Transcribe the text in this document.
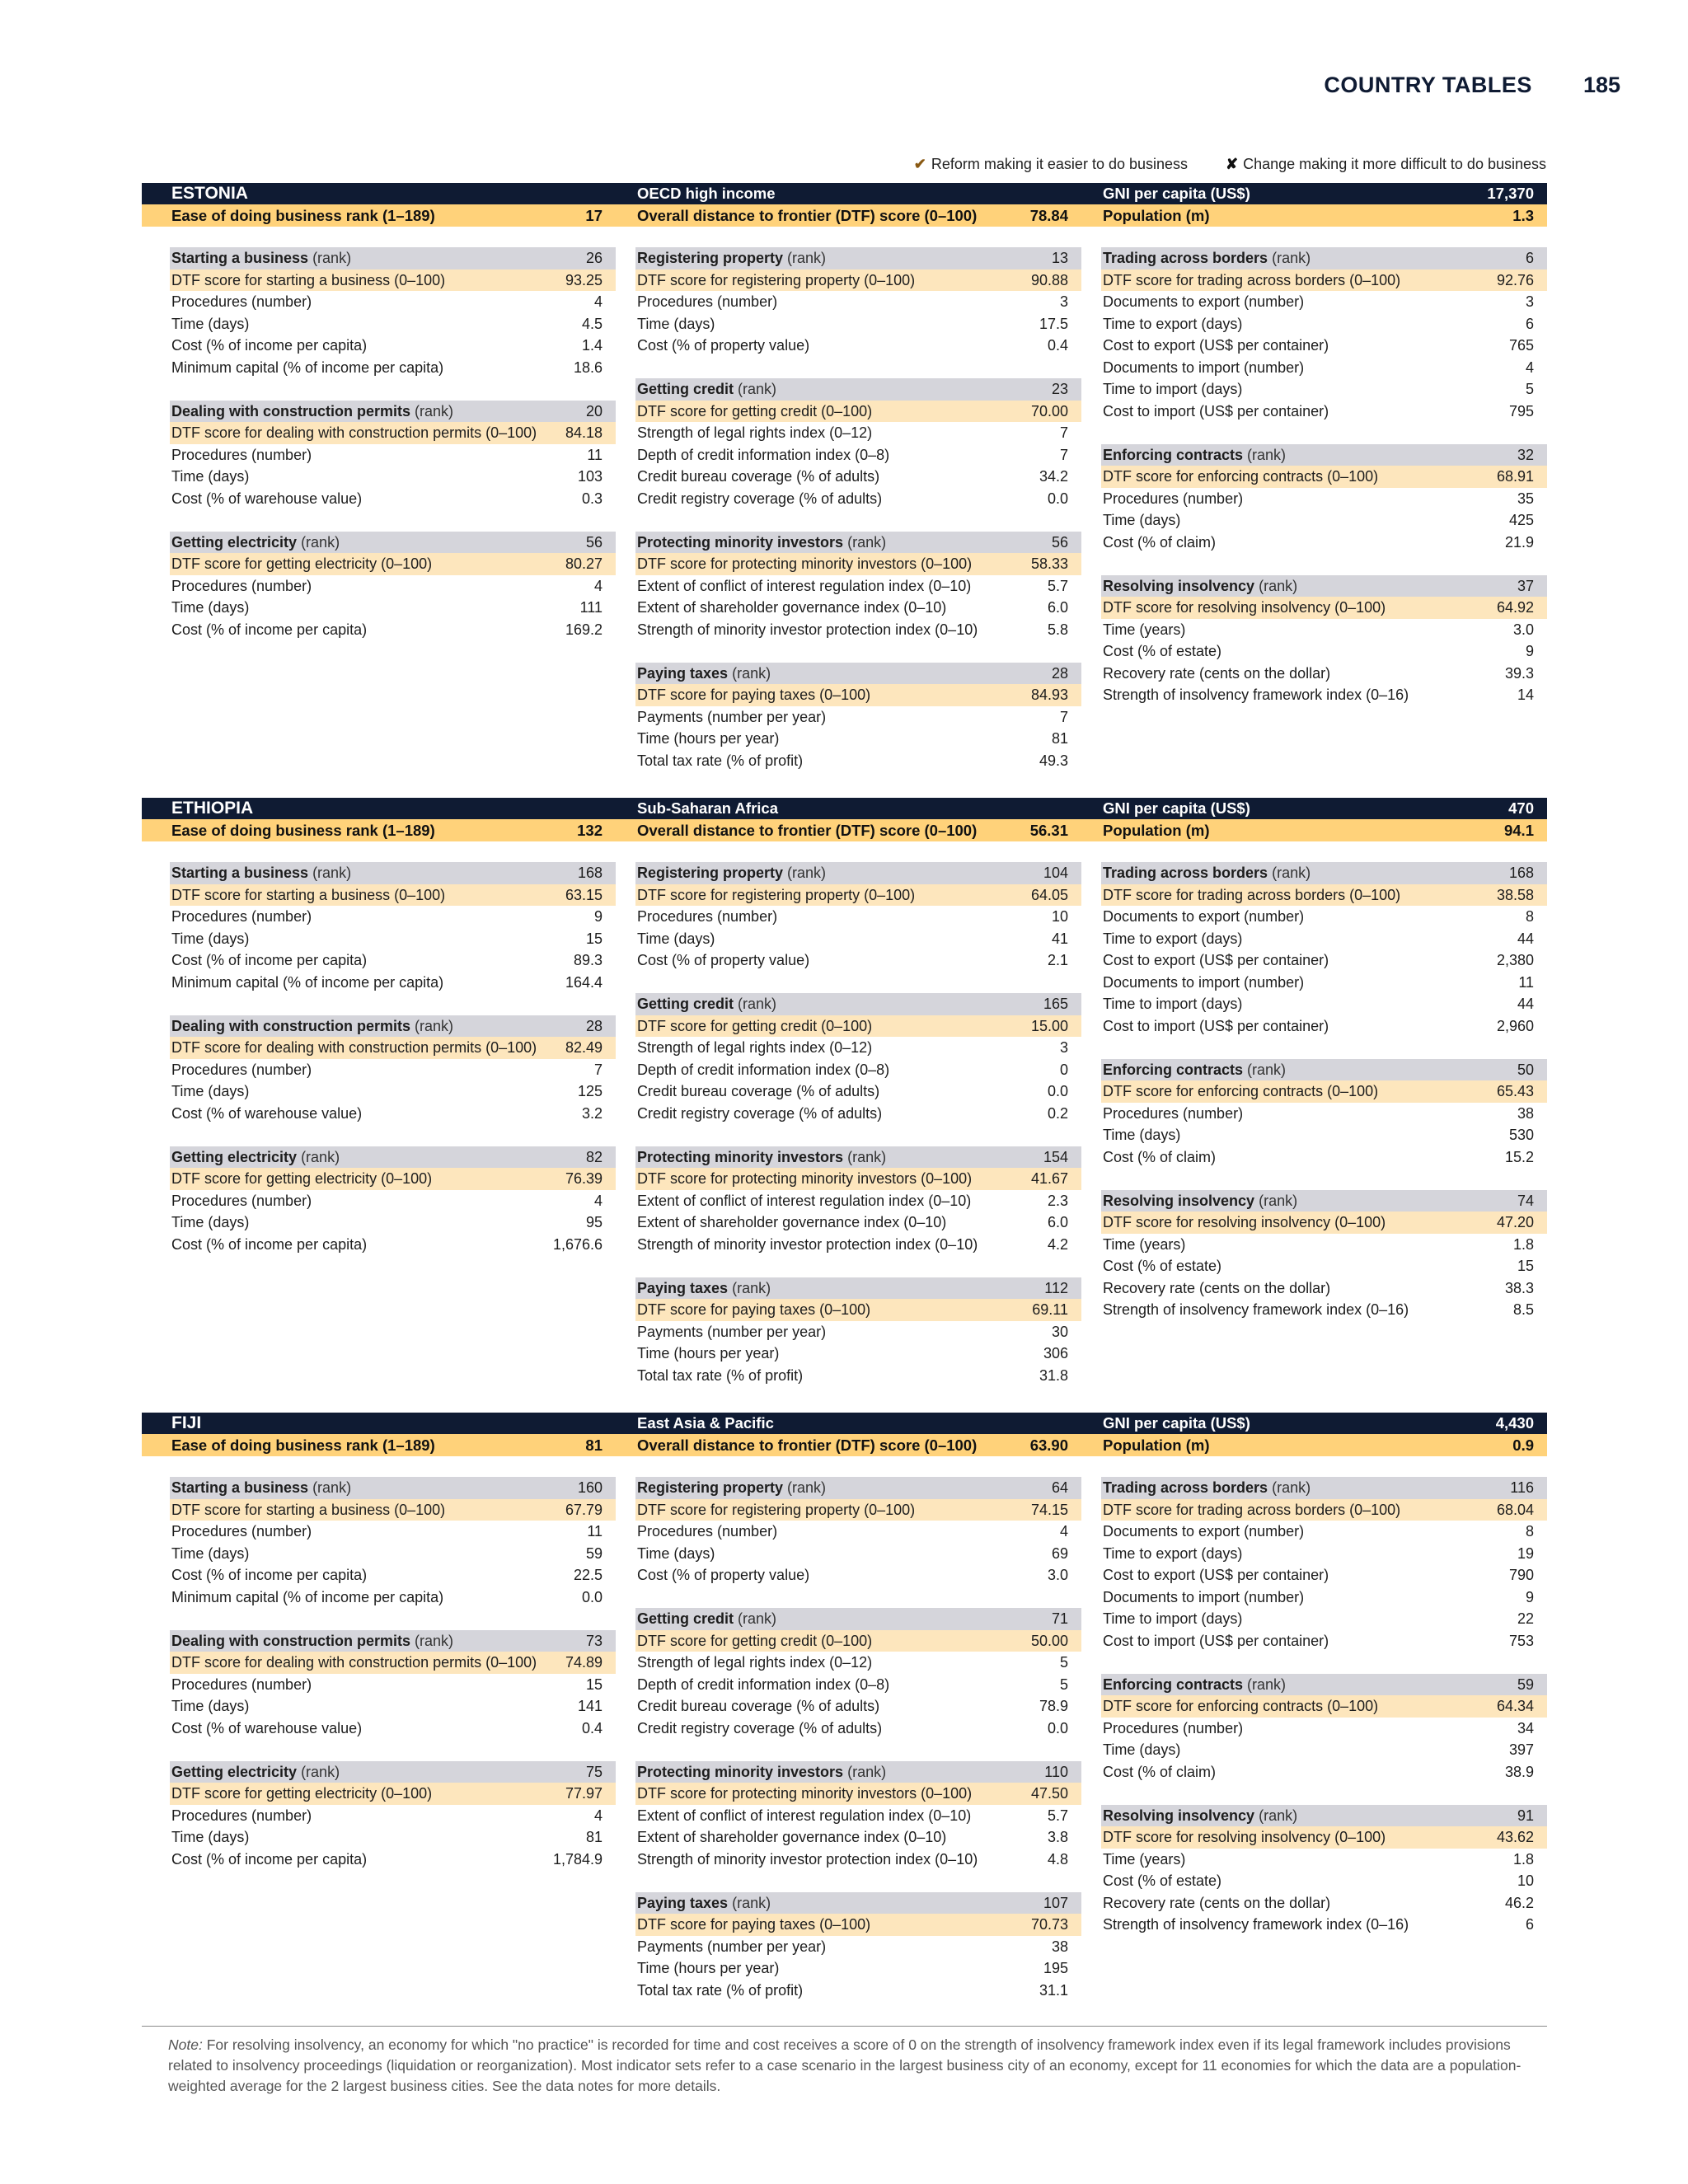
COUNTRY TABLES 185
✔ Reform making it easier to do business	✘ Change making it more difficult to do business
ESTONIA	OECD high income	GNI per capita (US$)	17,370
Ease of doing business rank (1–189)	17 Overall distance to frontier (DTF) score (0–100)	78.84 Population (m)	1.3
Starting a business (rank)	26
DTF score for starting a business (0–100)	93.25
Procedures (number)	4
Time (days)	4.5
Cost (% of income per capita)	1.4
Minimum capital (% of income per capita)	18.6
Dealing with construction permits (rank)	20
DTF score for dealing with construction permits (0–100) 84.18
Procedures (number)	11
Time (days)	103
Cost (% of warehouse value)	0.3
Getting electricity (rank)	56
DTF score for getting electricity (0–100)	80.27
Procedures (number)	4
Time (days)	111
Cost (% of income per capita)	169.2
Registering property (rank)	13
DTF score for registering property (0–100)	90.88
Procedures (number)	3
Time (days)	17.5
Cost (% of property value)	0.4
Getting credit (rank)	23
DTF score for getting credit (0–100)	70.00
Strength of legal rights index (0–12)	7
Depth of credit information index (0–8)	7
Credit bureau coverage (% of adults)	34.2
Credit registry coverage (% of adults)	0.0
Protecting minority investors (rank)	56
DTF score for protecting minority investors (0–100)	58.33
Extent of conflict of interest regulation index (0–10)	5.7
Extent of shareholder governance index (0–10)	6.0
Strength of minority investor protection index (0–10)	5.8
Paying taxes (rank)	28
DTF score for paying taxes (0–100)	84.93
Payments (number per year)	7
Time (hours per year)	81
Total tax rate (% of profit)	49.3
Trading across borders (rank)	6
DTF score for trading across borders (0–100)	92.76
Documents to export (number)	3
Time to export (days)	6
Cost to export (US$ per container)	765
Documents to import (number)	4
Time to import (days)	5
Cost to import (US$ per container)	795
Enforcing contracts (rank)	32
DTF score for enforcing contracts (0–100)	68.91
Procedures (number)	35
Time (days)	425
Cost (% of claim)	21.9
Resolving insolvency (rank)	37
DTF score for resolving insolvency (0–100)	64.92
Time (years)	3.0
Cost (% of estate)	9
Recovery rate (cents on the dollar)	39.3
Strength of insolvency framework index (0–16)	14
ETHIOPIA	Sub-Saharan Africa	GNI per capita (US$)	470
Ease of doing business rank (1–189)	132 Overall distance to frontier (DTF) score (0–100)	56.31 Population (m)	94.1
Starting a business (rank)	168
DTF score for starting a business (0–100)	63.15
Procedures (number)	9
Time (days)	15
Cost (% of income per capita)	89.3
Minimum capital (% of income per capita)	164.4
Dealing with construction permits (rank)	28
DTF score for dealing with construction permits (0–100) 82.49
Procedures (number)	7
Time (days)	125
Cost (% of warehouse value)	3.2
Getting electricity (rank)	82
DTF score for getting electricity (0–100)	76.39
Procedures (number)	4
Time (days)	95
Cost (% of income per capita)	1,676.6
Registering property (rank)	104
DTF score for registering property (0–100)	64.05
Procedures (number)	10
Time (days)	41
Cost (% of property value)	2.1
Getting credit (rank)	165
DTF score for getting credit (0–100)	15.00
Strength of legal rights index (0–12)	3
Depth of credit information index (0–8)	0
Credit bureau coverage (% of adults)	0.0
Credit registry coverage (% of adults)	0.2
Protecting minority investors (rank)	154
DTF score for protecting minority investors (0–100)	41.67
Extent of conflict of interest regulation index (0–10)	2.3
Extent of shareholder governance index (0–10)	6.0
Strength of minority investor protection index (0–10)	4.2
Paying taxes (rank)	112
DTF score for paying taxes (0–100)	69.11
Payments (number per year)	30
Time (hours per year)	306
Total tax rate (% of profit)	31.8
Trading across borders (rank)	168
DTF score for trading across borders (0–100)	38.58
Documents to export (number)	8
Time to export (days)	44
Cost to export (US$ per container)	2,380
Documents to import (number)	11
Time to import (days)	44
Cost to import (US$ per container)	2,960
Enforcing contracts (rank)	50
DTF score for enforcing contracts (0–100)	65.43
Procedures (number)	38
Time (days)	530
Cost (% of claim)	15.2
Resolving insolvency (rank)	74
DTF score for resolving insolvency (0–100)	47.20
Time (years)	1.8
Cost (% of estate)	15
Recovery rate (cents on the dollar)	38.3
Strength of insolvency framework index (0–16)	8.5
FIJI	East Asia & Pacific	GNI per capita (US$)	4,430
Ease of doing business rank (1–189)	81 Overall distance to frontier (DTF) score (0–100)	63.90 Population (m)	0.9
Starting a business (rank)	160
DTF score for starting a business (0–100)	67.79
Procedures (number)	11
Time (days)	59
Cost (% of income per capita)	22.5
Minimum capital (% of income per capita)	0.0
Dealing with construction permits (rank)	73
DTF score for dealing with construction permits (0–100) 74.89
Procedures (number)	15
Time (days)	141
Cost (% of warehouse value)	0.4
Getting electricity (rank)	75
DTF score for getting electricity (0–100)	77.97
Procedures (number)	4
Time (days)	81
Cost (% of income per capita)	1,784.9
Registering property (rank)	64
DTF score for registering property (0–100)	74.15
Procedures (number)	4
Time (days)	69
Cost (% of property value)	3.0
Getting credit (rank)	71
DTF score for getting credit (0–100)	50.00
Strength of legal rights index (0–12)	5
Depth of credit information index (0–8)	5
Credit bureau coverage (% of adults)	78.9
Credit registry coverage (% of adults)	0.0
Protecting minority investors (rank)	110
DTF score for protecting minority investors (0–100)	47.50
Extent of conflict of interest regulation index (0–10)	5.7
Extent of shareholder governance index (0–10)	3.8
Strength of minority investor protection index (0–10)	4.8
Paying taxes (rank)	107
DTF score for paying taxes (0–100)	70.73
Payments (number per year)	38
Time (hours per year)	195
Total tax rate (% of profit)	31.1
Trading across borders (rank)	116
DTF score for trading across borders (0–100)	68.04
Documents to export (number)	8
Time to export (days)	19
Cost to export (US$ per container)	790
Documents to import (number)	9
Time to import (days)	22
Cost to import (US$ per container)	753
Enforcing contracts (rank)	59
DTF score for enforcing contracts (0–100)	64.34
Procedures (number)	34
Time (days)	397
Cost (% of claim)	38.9
Resolving insolvency (rank)	91
DTF score for resolving insolvency (0–100)	43.62
Time (years)	1.8
Cost (% of estate)	10
Recovery rate (cents on the dollar)	46.2
Strength of insolvency framework index (0–16)	6
Note: For resolving insolvency, an economy for which "no practice" is recorded for time and cost receives a score of 0 on the strength of insolvency framework index even if its legal framework includes provisions related to insolvency proceedings (liquidation or reorganization). Most indicator sets refer to a case scenario in the largest business city of an economy, except for 11 economies for which the data are a population-weighted average for the 2 largest business cities. See the data notes for more details.
